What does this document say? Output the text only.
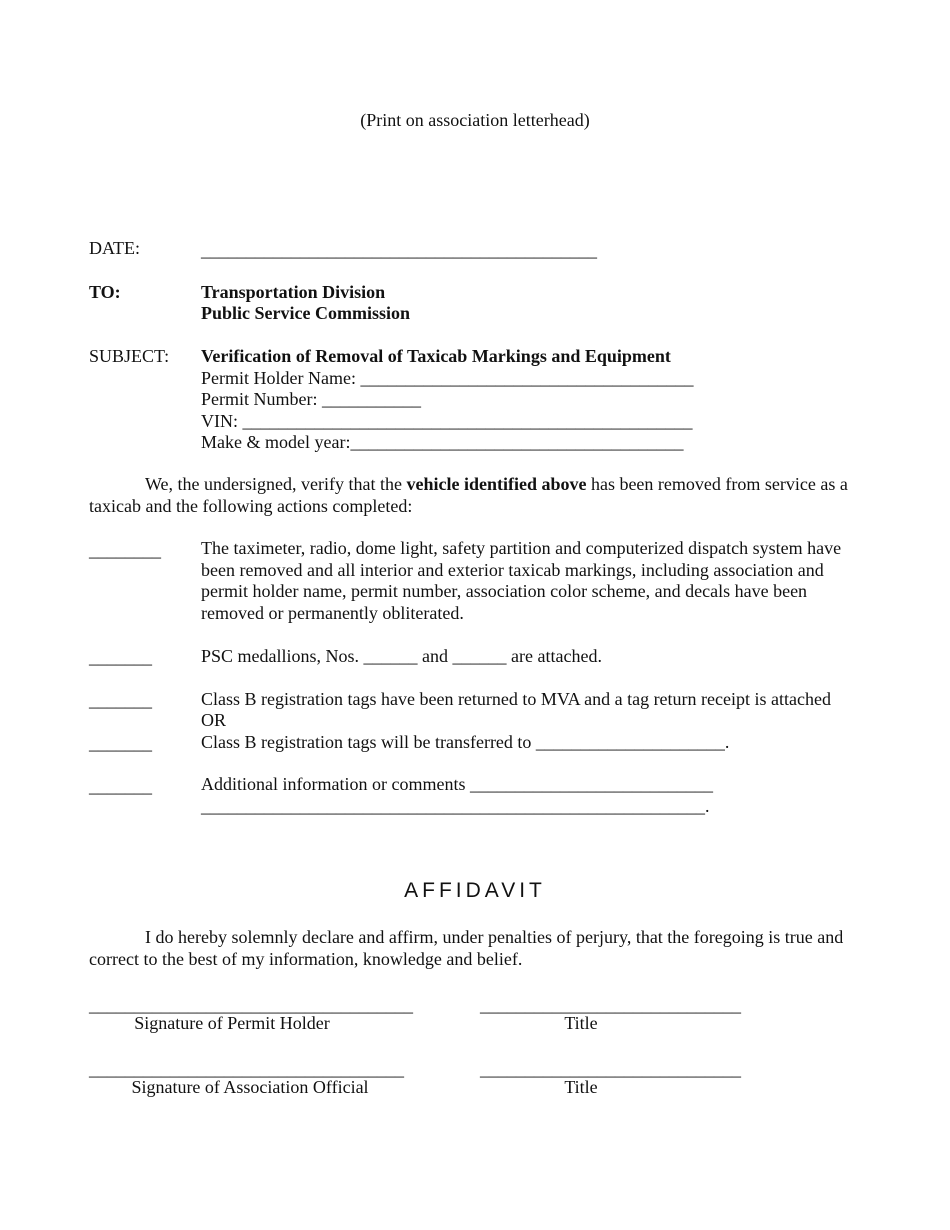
(Print on association letterhead)
DATE:	____________________________________________
TO:	Transportation Division
Public Service Commission
SUBJECT: Verification of Removal of Taxicab Markings and Equipment
Permit Holder Name: _____________________________________
Permit Number: ___________
VIN: __________________________________________________
Make & model year:_____________________________________
We, the undersigned, verify that the vehicle identified above has been removed from service as a taxicab and the following actions completed:
________ The taximeter, radio, dome light, safety partition and computerized dispatch system have been removed and all interior and exterior taxicab markings, including association and permit holder name, permit number, association color scheme, and decals have been removed or permanently obliterated.
_______	PSC medallions, Nos. ______ and ______ are attached.
_______	Class B registration tags have been returned to MVA and a tag return receipt is attached
OR
_______	Class B registration tags will be transferred to _____________________.
_______	Additional information or comments ___________________________
________________________________________________________.
AFFIDAVIT
I do hereby solemnly declare and affirm, under penalties of perjury, that the foregoing is true and correct to the best of my information, knowledge and belief.
____________________________________
Signature of Permit Holder
_____________________________
Title
___________________________________
Signature of Association Official
_____________________________
Title
